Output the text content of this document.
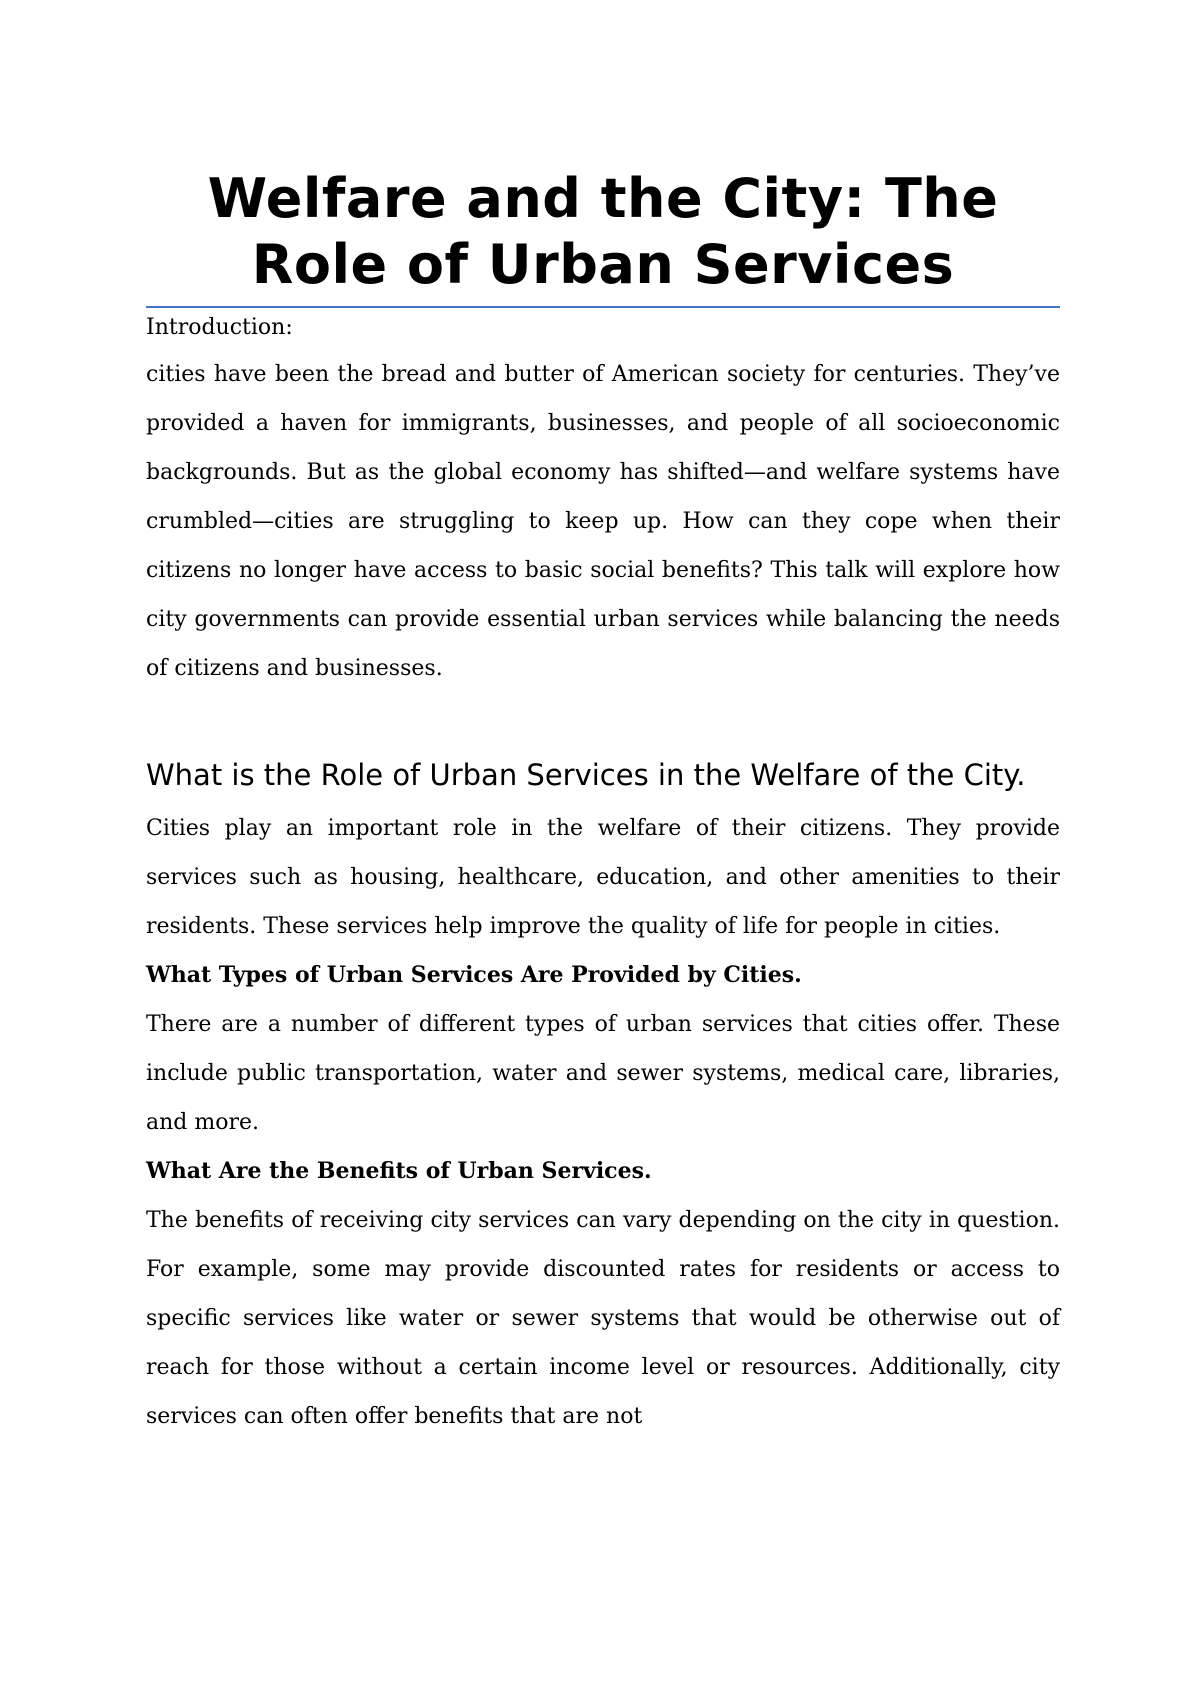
Welfare and the City: The Role of Urban Services

Introduction:

cities have been the bread and butter of American society for centuries. They’ve provided a haven for immigrants, businesses, and people of all socioeconomic backgrounds. But as the global economy has shifted—and welfare systems have crumbled—cities are struggling to keep up. How can they cope when their citizens no longer have access to basic social benefits? This talk will explore how city governments can provide essential urban services while balancing the needs of citizens and businesses.

What is the Role of Urban Services in the Welfare of the City.

Cities play an important role in the welfare of their citizens. They provide services such as housing, healthcare, education, and other amenities to their residents. These services help improve the quality of life for people in cities.

What Types of Urban Services Are Provided by Cities.

There are a number of different types of urban services that cities offer. These include public transportation, water and sewer systems, medical care, libraries, and more.

What Are the Benefits of Urban Services.

The benefits of receiving city services can vary depending on the city in question. For example, some may provide discounted rates for residents or access to specific services like water or sewer systems that would be otherwise out of reach for those without a certain income level or resources. Additionally, city services can often offer benefits that are not
